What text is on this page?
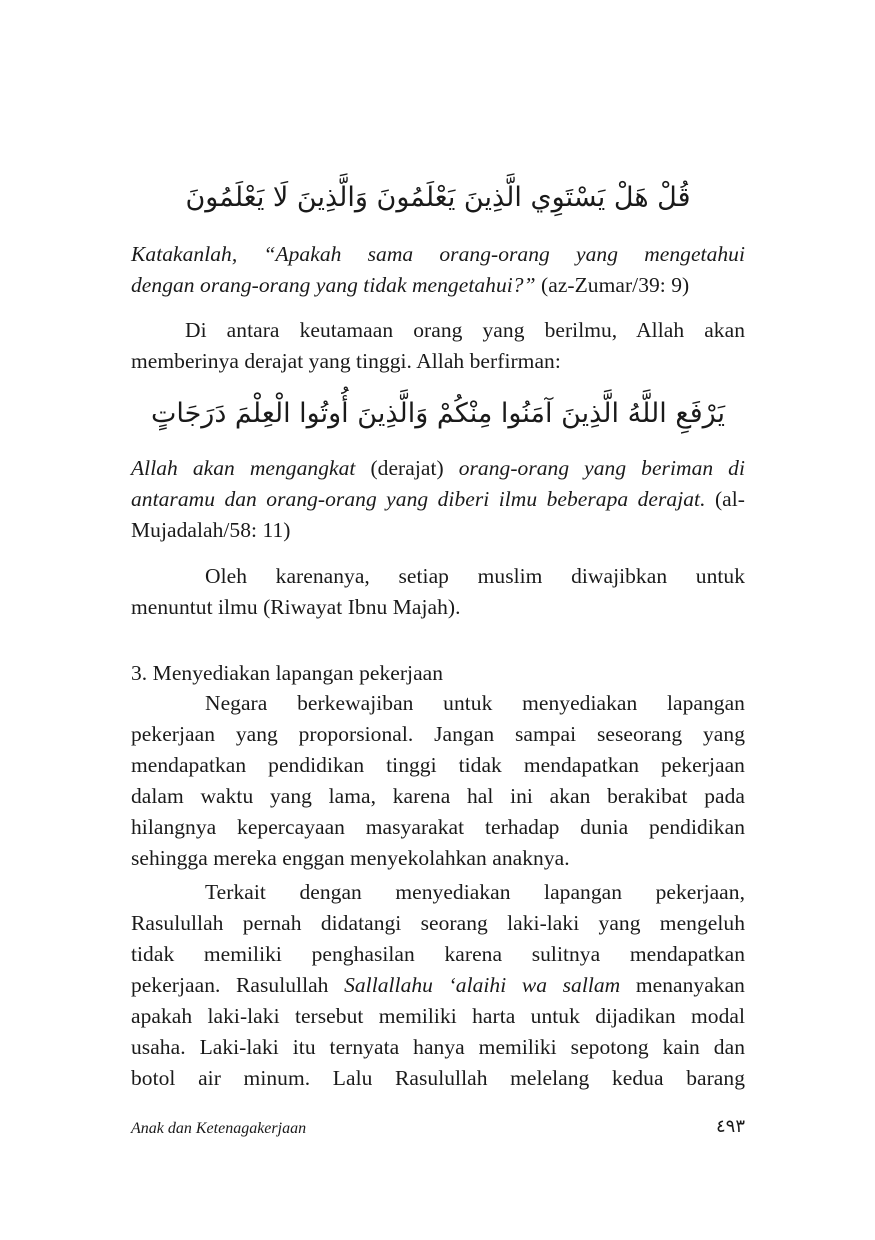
قُلْ هَلْ يَسْتَوِي الَّذِينَ يَعْلَمُونَ وَالَّذِينَ لَا يَعْلَمُونَ
Katakanlah, “Apakah sama orang-orang yang mengetahui
dengan orang-orang yang tidak mengetahui?” (az-Zumar/39: 9)
Di antara keutamaan orang yang berilmu, Allah akan
memberinya derajat yang tinggi. Allah berfirman:
يَرْفَعِ اللَّهُ الَّذِينَ آمَنُوا مِنْكُمْ وَالَّذِينَ أُوتُوا الْعِلْمَ دَرَجَاتٍ
Allah akan mengangkat (derajat) orang-orang yang beriman di
antaramu dan orang-orang yang diberi ilmu beberapa derajat. (al-
Mujadalah/58: 11)
Oleh karenanya, setiap muslim diwajibkan untuk
menuntut ilmu (Riwayat Ibnu Majah).
3. Menyediakan lapangan pekerjaan
Negara berkewajiban untuk menyediakan lapangan
pekerjaan yang proporsional. Jangan sampai seseorang yang
mendapatkan pendidikan tinggi tidak mendapatkan pekerjaan
dalam waktu yang lama, karena hal ini akan berakibat pada
hilangnya kepercayaan masyarakat terhadap dunia pendidikan
sehingga mereka enggan menyekolahkan anaknya.
Terkait dengan menyediakan lapangan pekerjaan,
Rasulullah pernah didatangi seorang laki-laki yang mengeluh
tidak memiliki penghasilan karena sulitnya mendapatkan
pekerjaan. Rasulullah Sallallahu ‘alaihi wa sallam menanyakan
apakah laki-laki tersebut memiliki harta untuk dijadikan modal
usaha. Laki-laki itu ternyata hanya memiliki sepotong kain dan
botol air minum. Lalu Rasulullah melelang kedua barang
Anak dan Ketenagakerjaan	٤٩٣
